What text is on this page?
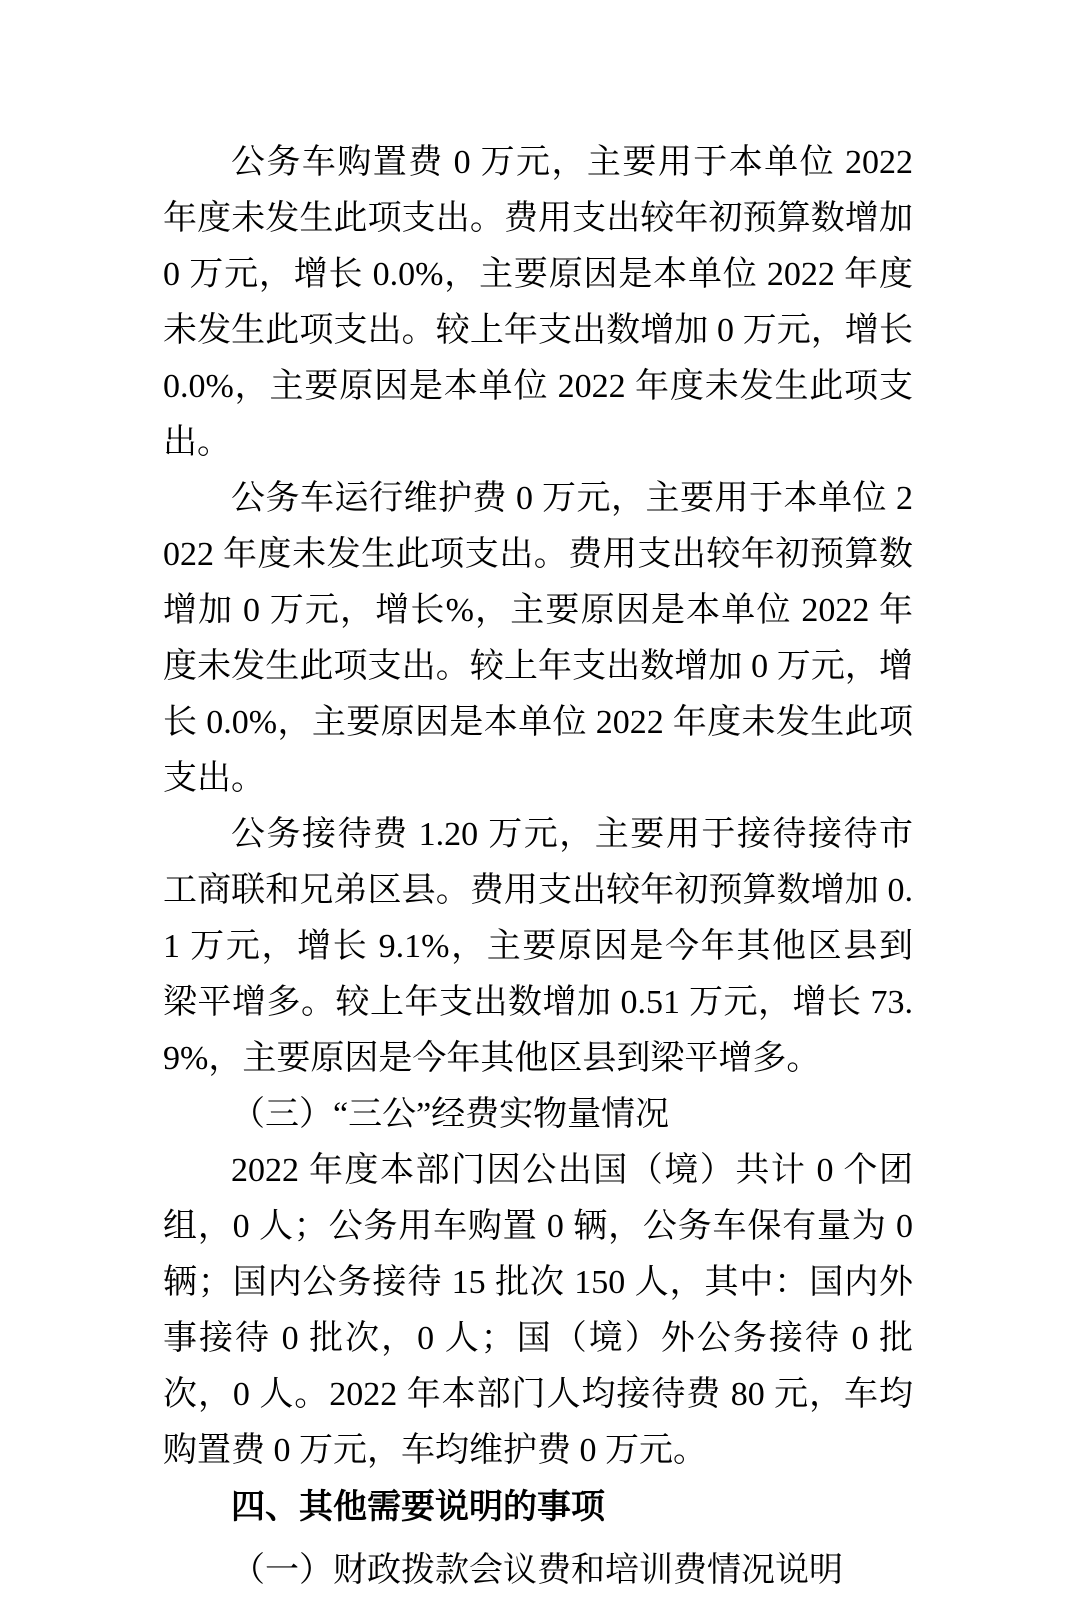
公务车购置费 0 万元，主要用于本单位 2022 年度未发生此项支出。费用支出较年初预算数增加 0 万元，增长 0.0%，主要原因是本单位 2022 年度未发生此项支出。较上年支出数增加 0 万元，增长 0.0%，主要原因是本单位 2022 年度未发生此项支出。

公务车运行维护费 0 万元，主要用于本单位 2022 年度未发生此项支出。费用支出较年初预算数增加 0 万元，增长%，主要原因是本单位 2022 年度未发生此项支出。较上年支出数增加 0 万元，增长 0.0%，主要原因是本单位 2022 年度未发生此项支出。

公务接待费 1.20 万元，主要用于接待接待市工商联和兄弟区县。费用支出较年初预算数增加 0.1 万元，增长 9.1%，主要原因是今年其他区县到梁平增多。较上年支出数增加 0.51 万元，增长 73.9%，主要原因是今年其他区县到梁平增多。

（三）“三公”经费实物量情况

2022 年度本部门因公出国（境）共计 0 个团组，0 人；公务用车购置 0 辆，公务车保有量为 0 辆；国内公务接待 15 批次 150 人，其中：国内外事接待 0 批次，0 人；国（境）外公务接待 0 批次，0 人。2022 年本部门人均接待费 80 元，车均购置费 0 万元，车均维护费 0 万元。

四、其他需要说明的事项

（一）财政拨款会议费和培训费情况说明
